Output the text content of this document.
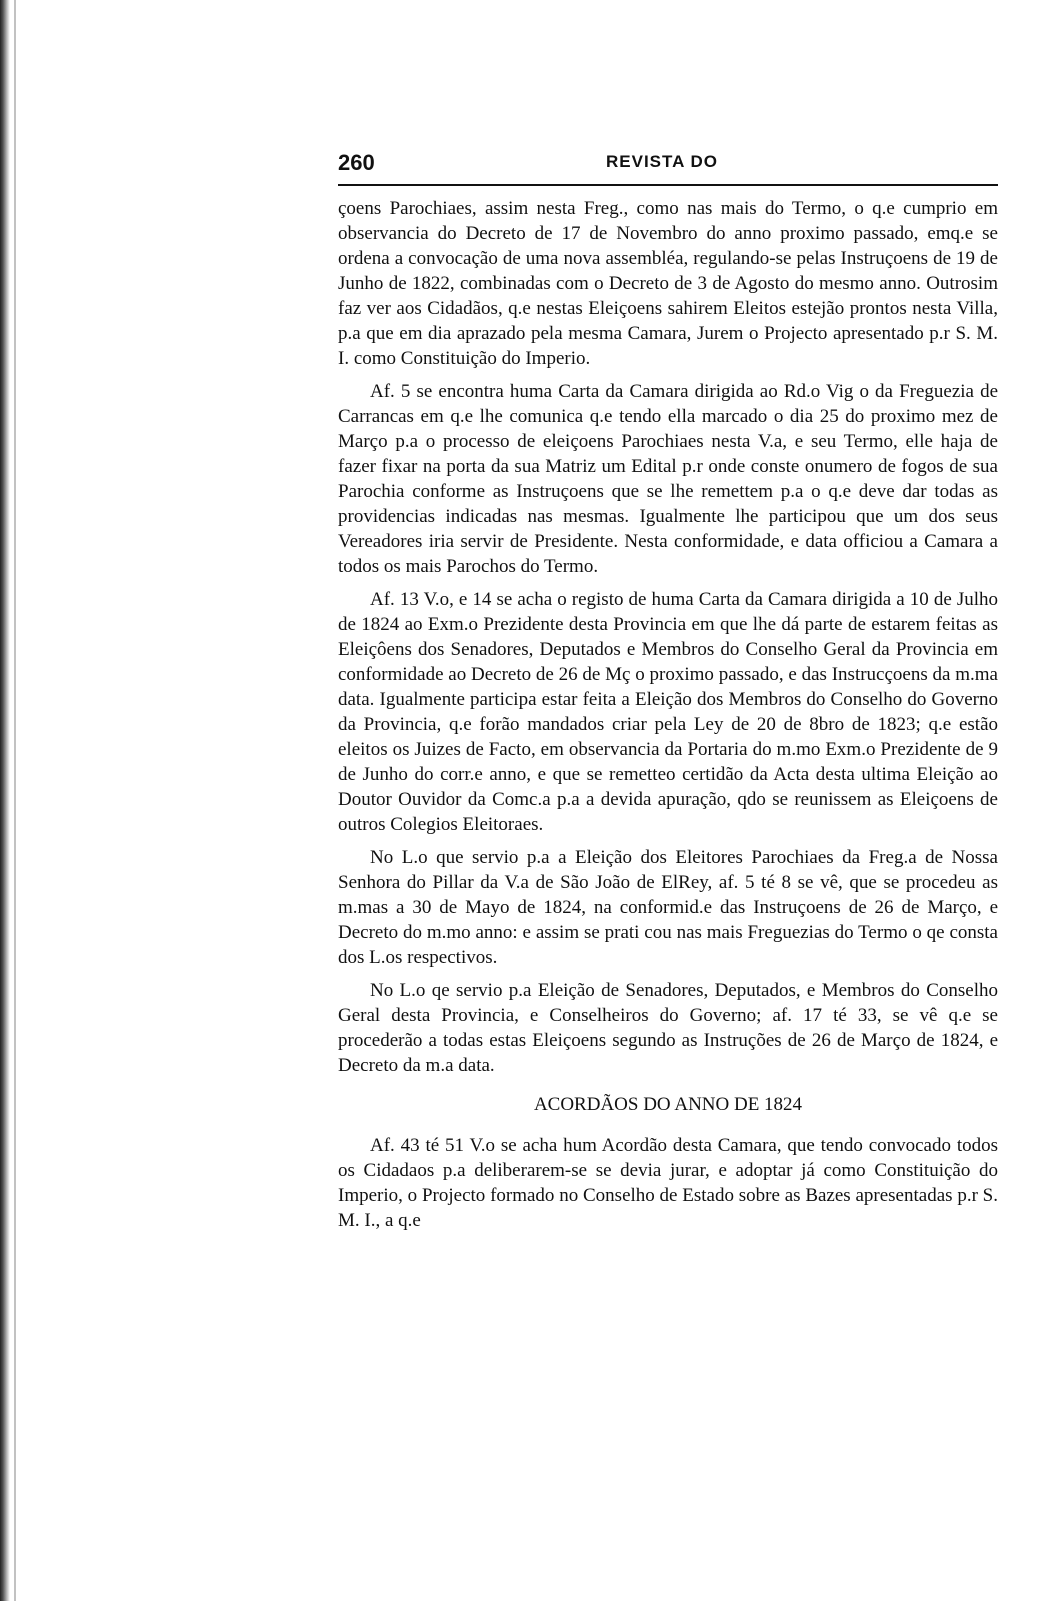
260	REVISTA DO

çoens Parochiaes, assim nesta Freg., como nas mais do Termo, o q.e cumprio em observancia do Decreto de 17 de Novembro do anno proximo passado, emq.e se ordena a convocação de uma nova assembléa, regulando-se pelas Instruçoens de 19 de Junho de 1822, combinadas com o Decreto de 3 de Agosto do mesmo anno. Outrosim faz ver aos Cidadãos, q.e nestas Eleiçoens sahirem Eleitos estejão prontos nesta Villa, p.a que em dia aprazado pela mesma Camara, Jurem o Projecto apresentado p.r S. M. I. como Constituição do Imperio.

Af. 5 se encontra huma Carta da Camara dirigida ao Rd.o Vig o da Freguezia de Carrancas em q.e lhe comunica q.e tendo ella marcado o dia 25 do proximo mez de Março p.a o processo de eleiçoens Parochiaes nesta V.a, e seu Termo, elle haja de fazer fixar na porta da sua Matriz um Edital p.r onde conste onumero de fogos de sua Parochia conforme as Instruçoens que se lhe remettem p.a o q.e deve dar todas as providencias indicadas nas mesmas. Igualmente lhe participou que um dos seus Vereadores iria servir de Presidente. Nesta conformidade, e data officiou a Camara a todos os mais Parochos do Termo.

Af. 13 V.o, e 14 se acha o registo de huma Carta da Camara dirigida a 10 de Julho de 1824 ao Exm.o Prezidente desta Provincia em que lhe dá parte de estarem feitas as Eleiçôens dos Senadores, Deputados e Membros do Conselho Geral da Provincia em conformidade ao Decreto de 26 de Mç o proximo passado, e das Instrucçoens da m.ma data. Igualmente participa estar feita a Eleição dos Membros do Conselho do Governo da Provincia, q.e forão mandados criar pela Ley de 20 de 8bro de 1823; q.e estão eleitos os Juizes de Facto, em observancia da Portaria do m.mo Exm.o Prezidente de 9 de Junho do corr.e anno, e que se remetteo certidão da Acta desta ultima Eleição ao Doutor Ouvidor da Comc.a p.a a devida apuração, qdo se reunissem as Eleiçoens de outros Colegios Eleitoraes.

No L.o que servio p.a a Eleição dos Eleitores Parochiaes da Freg.a de Nossa Senhora do Pillar da V.a de São João de ElRey, af. 5 té 8 se vê, que se procedeu as m.mas a 30 de Mayo de 1824, na conformid.e das Instruçoens de 26 de Março, e Decreto do m.mo anno: e assim se prati cou nas mais Freguezias do Termo o qe consta dos L.os respectivos.

No L.o qe servio p.a Eleição de Senadores, Deputados, e Membros do Conselho Geral desta Provincia, e Conselheiros do Governo; af. 17 té 33, se vê q.e se procederão a todas estas Eleiçoens segundo as Instruções de 26 de Março de 1824, e Decreto da m.a data.

ACORDÃOS DO ANNO DE 1824

Af. 43 té 51 V.o se acha hum Acordão desta Camara, que tendo convocado todos os Cidadaos p.a deliberarem-se se devia jurar, e adoptar já como Constituição do Imperio, o Projecto formado no Conselho de Estado sobre as Bazes apresentadas p.r S. M. I., a q.e
